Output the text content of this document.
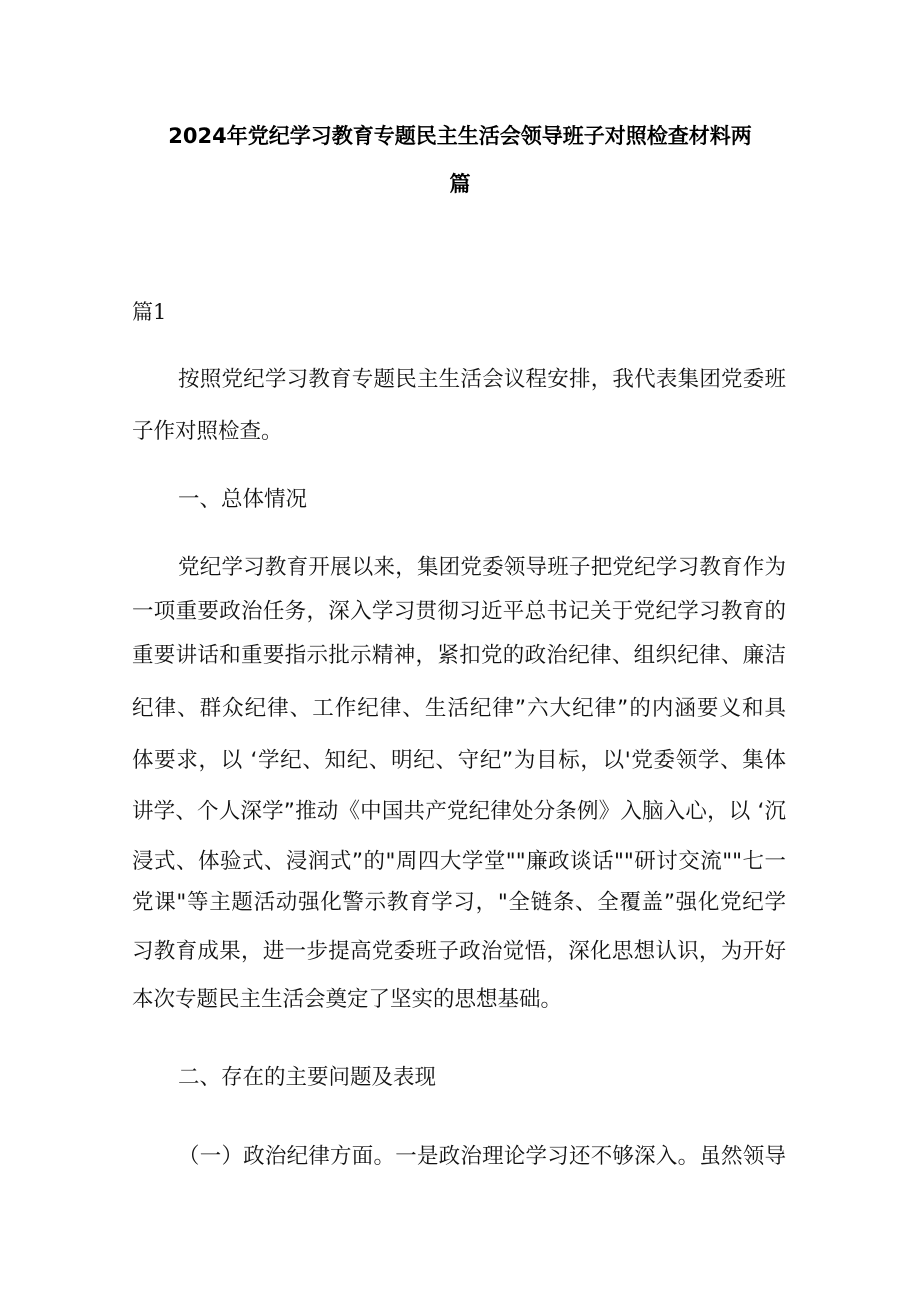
2024年党纪学习教育专题民主生活会领导班子对照检查材料两
篇
篇1
按照党纪学习教育专题民主生活会议程安排，我代表集团党委班
子作对照检查。
一、总体情况
党纪学习教育开展以来，集团党委领导班子把党纪学习教育作为
一项重要政治任务，深入学习贯彻习近平总书记关于党纪学习教育的
重要讲话和重要指示批示精神，紧扣党的政治纪律、组织纪律、廉洁
纪律、群众纪律、工作纪律、生活纪律”六大纪律”的内涵要义和具
体要求，以 ‘学纪、知纪、明纪、守纪”为目标，以'党委领学、集体
讲学、个人深学”推动《中国共产党纪律处分条例》入脑入心，以 ‘沉
浸式、体验式、浸润式”的"周四大学堂""廉政谈话""研讨交流""七一
党课"等主题活动强化警示教育学习，"全链条、全覆盖”强化党纪学
习教育成果，进一步提高党委班子政治觉悟，深化思想认识，为开好
本次专题民主生活会奠定了坚实的思想基础。
二、存在的主要问题及表现
（一）政治纪律方面。一是政治理论学习还不够深入。虽然领导
